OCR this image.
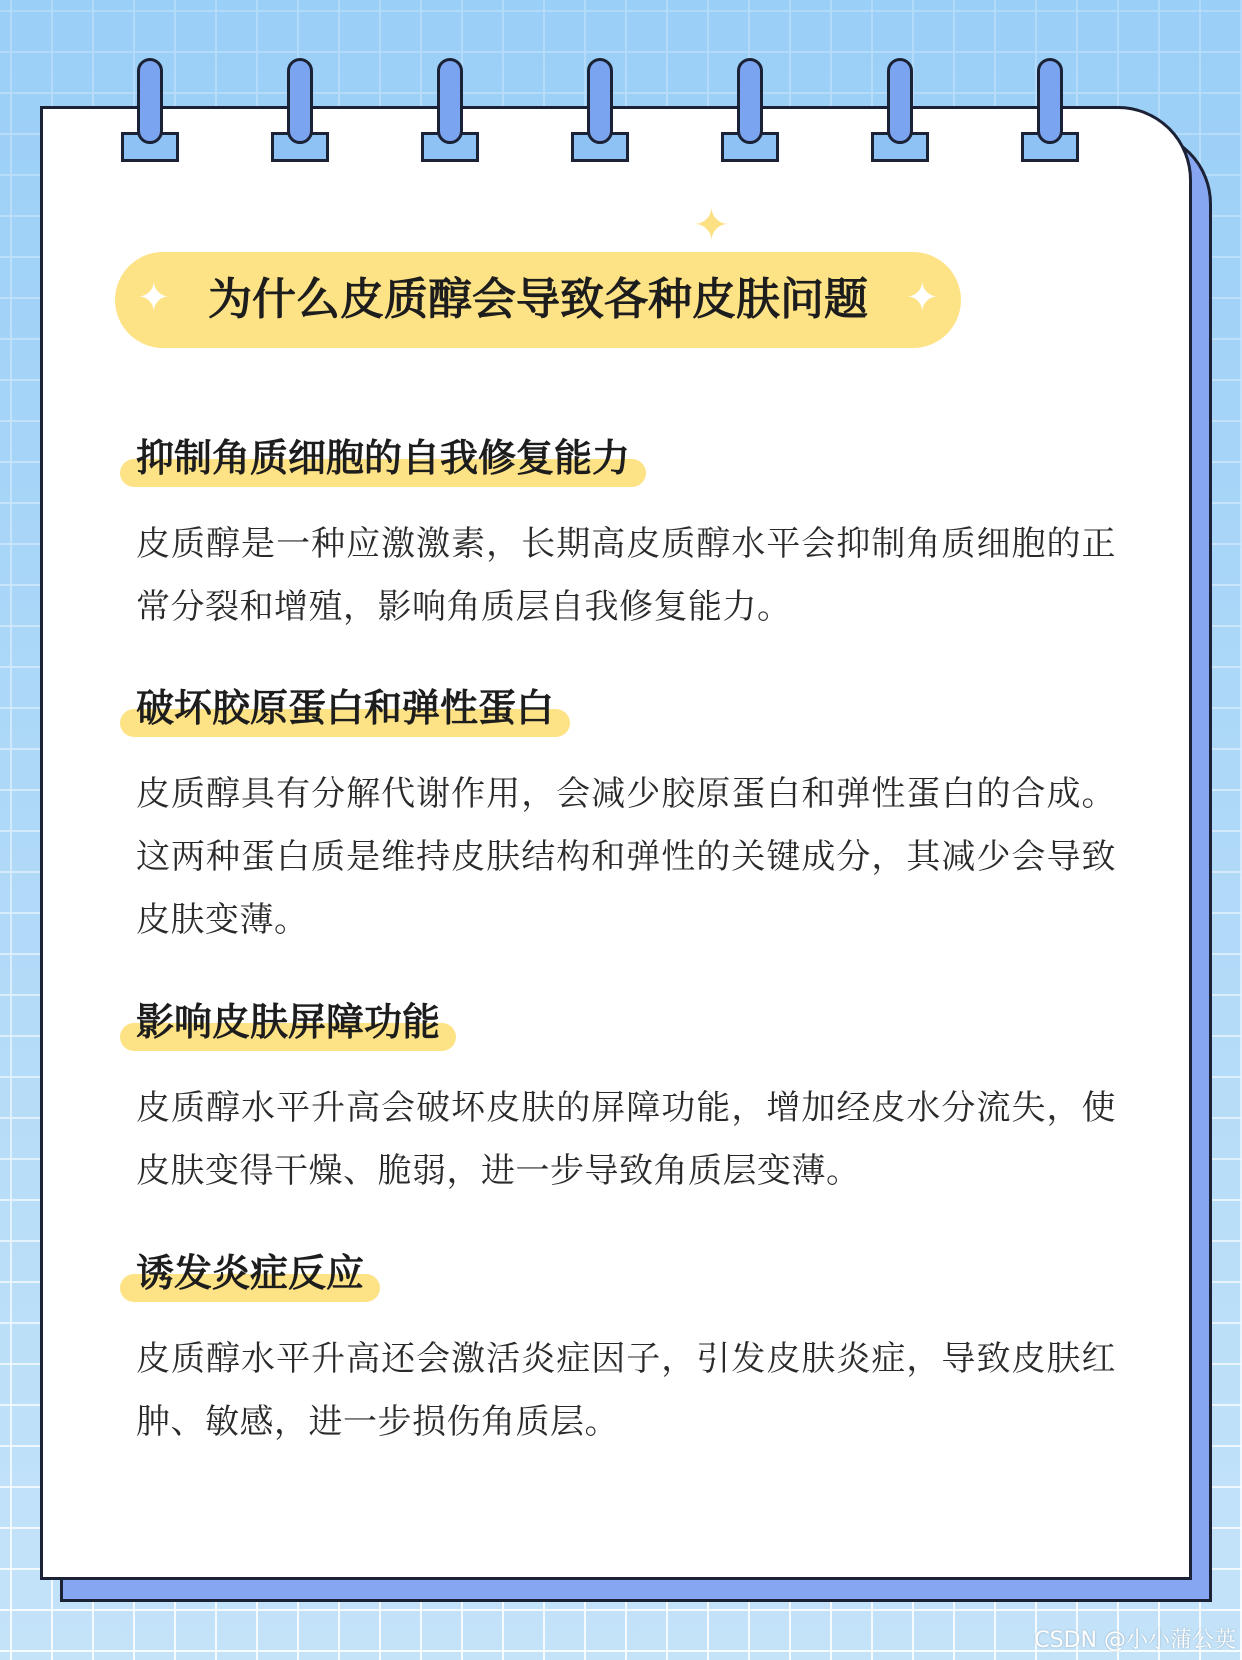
✦
✦ 为什么皮质醇会导致各种皮肤问题 ✦
抑制角质细胞的自我修复能力

皮质醇是一种应激激素，长期高皮质醇水平会抑制角质细胞的正常分裂和增殖，影响角质层自我修复能力。

破坏胶原蛋白和弹性蛋白

皮质醇具有分解代谢作用，会减少胶原蛋白和弹性蛋白的合成。这两种蛋白质是维持皮肤结构和弹性的关键成分，其减少会导致皮肤变薄。

影响皮肤屏障功能

皮质醇水平升高会破坏皮肤的屏障功能，增加经皮水分流失，使皮肤变得干燥、脆弱，进一步导致角质层变薄。

诱发炎症反应

皮质醇水平升高还会激活炎症因子，引发皮肤炎症，导致皮肤红肿、敏感，进一步损伤角质层。

CSDN @小小蒲公英
